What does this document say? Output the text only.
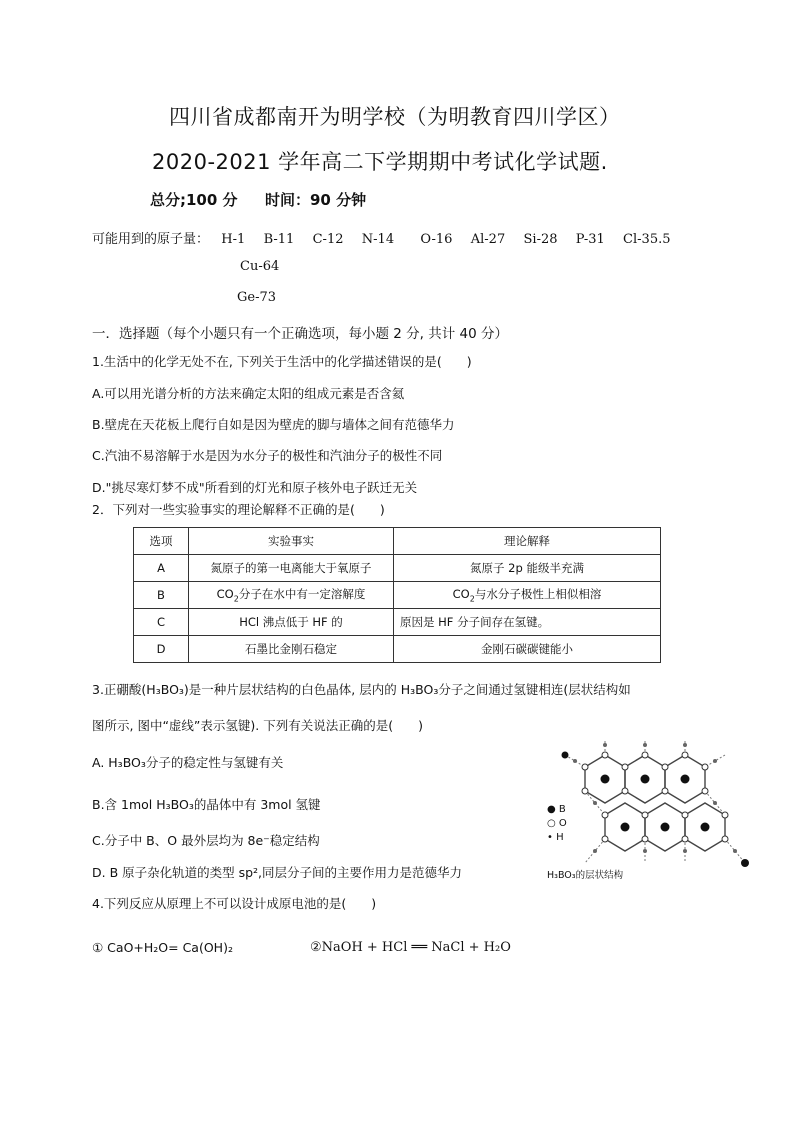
四川省成都南开为明学校（为明教育四川学区）
2020-2021 学年高二下学期期中考试化学试题.
总分;100 分 时间：90 分钟
可能用到的原子量： H-1 B-11 C-12 N-14 O-16 Al-27 Si-28 P-31 Cl-35.5
Cu-64
Ge-73
一．选择题（每个小题只有一个正确选项，每小题 2 分, 共计 40 分）
1.生活中的化学无处不在, 下列关于生活中的化学描述错误的是(　　)
A.可以用光谱分析的方法来确定太阳的组成元素是否含氦
B.壁虎在天花板上爬行自如是因为壁虎的脚与墙体之间有范德华力
C.汽油不易溶解于水是因为水分子的极性和汽油分子的极性不同
D."挑尽寒灯梦不成"所看到的灯光和原子核外电子跃迁无关
2．下列对一些实验事实的理论解释不正确的是(　　)
选项	实验事实	理论解释
A	氮原子的第一电离能大于氧原子	氮原子 2p 能级半充满
B	$CO_2$分子在水中有一定溶解度	$CO_2$与水分子极性上相似相溶
C	HCl 沸点低于 HF 的	原因是 HF 分子间存在氢键。
D	石墨比金刚石稳定	金刚石碳碳键能小
3.正硼酸(H₃BO₃)是一种片层状结构的白色晶体, 层内的 H₃BO₃分子之间通过氢键相连(层状结构如
图所示, 图中“虚线”表示氢键). 下列有关说法正确的是(　　)
A. H₃BO₃分子的稳定性与氢键有关
B.含 1mol H₃BO₃的晶体中有 3mol 氢键
C.分子中 B、O 最外层均为 8e⁻稳定结构
D. B 原子杂化轨道的类型 sp²,同层分子间的主要作用力是范德华力
● B
○ O
• H
H₃BO₃的层状结构
4.下列反应从原理上不可以设计成原电池的是(　　)
① CaO+H₂O= Ca(OH)₂	②NaOH + HCl ══ NaCl + H₂O
